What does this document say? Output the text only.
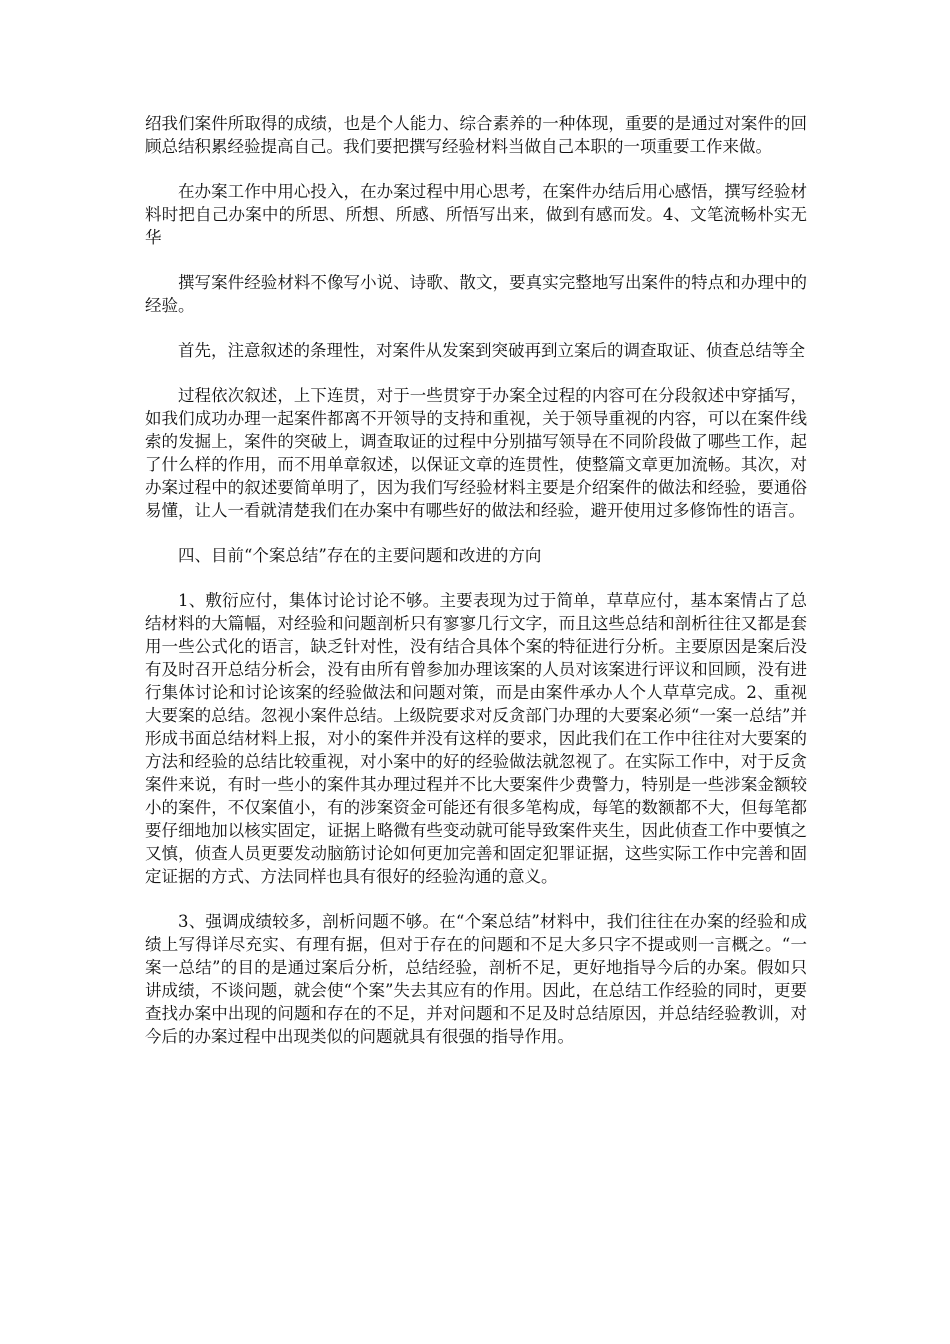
绍我们案件所取得的成绩，也是个人能力、综合素养的一种体现，重要的是通过对案件的回顾总结积累经验提高自己。我们要把撰写经验材料当做自己本职的一项重要工作来做。

在办案工作中用心投入，在办案过程中用心思考，在案件办结后用心感悟，撰写经验材料时把自己办案中的所思、所想、所感、所悟写出来，做到有感而发。4、文笔流畅朴实无华

撰写案件经验材料不像写小说、诗歌、散文，要真实完整地写出案件的特点和办理中的经验。

首先，注意叙述的条理性，对案件从发案到突破再到立案后的调查取证、侦查总结等全

过程依次叙述，上下连贯，对于一些贯穿于办案全过程的内容可在分段叙述中穿插写，如我们成功办理一起案件都离不开领导的支持和重视，关于领导重视的内容，可以在案件线索的发掘上，案件的突破上，调查取证的过程中分别描写领导在不同阶段做了哪些工作，起了什么样的作用，而不用单章叙述，以保证文章的连贯性，使整篇文章更加流畅。其次，对办案过程中的叙述要简单明了，因为我们写经验材料主要是介绍案件的做法和经验，要通俗易懂，让人一看就清楚我们在办案中有哪些好的做法和经验，避开使用过多修饰性的语言。

四、目前“个案总结”存在的主要问题和改进的方向

1、敷衍应付，集体讨论讨论不够。主要表现为过于简单，草草应付，基本案情占了总结材料的大篇幅，对经验和问题剖析只有寥寥几行文字，而且这些总结和剖析往往又都是套用一些公式化的语言，缺乏针对性，没有结合具体个案的特征进行分析。主要原因是案后没有及时召开总结分析会，没有由所有曾参加办理该案的人员对该案进行评议和回顾，没有进行集体讨论和讨论该案的经验做法和问题对策，而是由案件承办人个人草草完成。2、重视大要案的总结。忽视小案件总结。上级院要求对反贪部门办理的大要案必须“一案一总结”并形成书面总结材料上报，对小的案件并没有这样的要求，因此我们在工作中往往对大要案的方法和经验的总结比较重视，对小案中的好的经验做法就忽视了。在实际工作中，对于反贪案件来说，有时一些小的案件其办理过程并不比大要案件少费警力，特别是一些涉案金额较小的案件，不仅案值小，有的涉案资金可能还有很多笔构成，每笔的数额都不大，但每笔都要仔细地加以核实固定，证据上略微有些变动就可能导致案件夹生，因此侦查工作中要慎之又慎，侦查人员更要发动脑筋讨论如何更加完善和固定犯罪证据，这些实际工作中完善和固定证据的方式、方法同样也具有很好的经验沟通的意义。

3、强调成绩较多，剖析问题不够。在“个案总结”材料中，我们往往在办案的经验和成绩上写得详尽充实、有理有据，但对于存在的问题和不足大多只字不提或则一言概之。“一案一总结”的目的是通过案后分析，总结经验，剖析不足，更好地指导今后的办案。假如只讲成绩，不谈问题，就会使“个案”失去其应有的作用。因此，在总结工作经验的同时，更要查找办案中出现的问题和存在的不足，并对问题和不足及时总结原因，并总结经验教训，对今后的办案过程中出现类似的问题就具有很强的指导作用。
